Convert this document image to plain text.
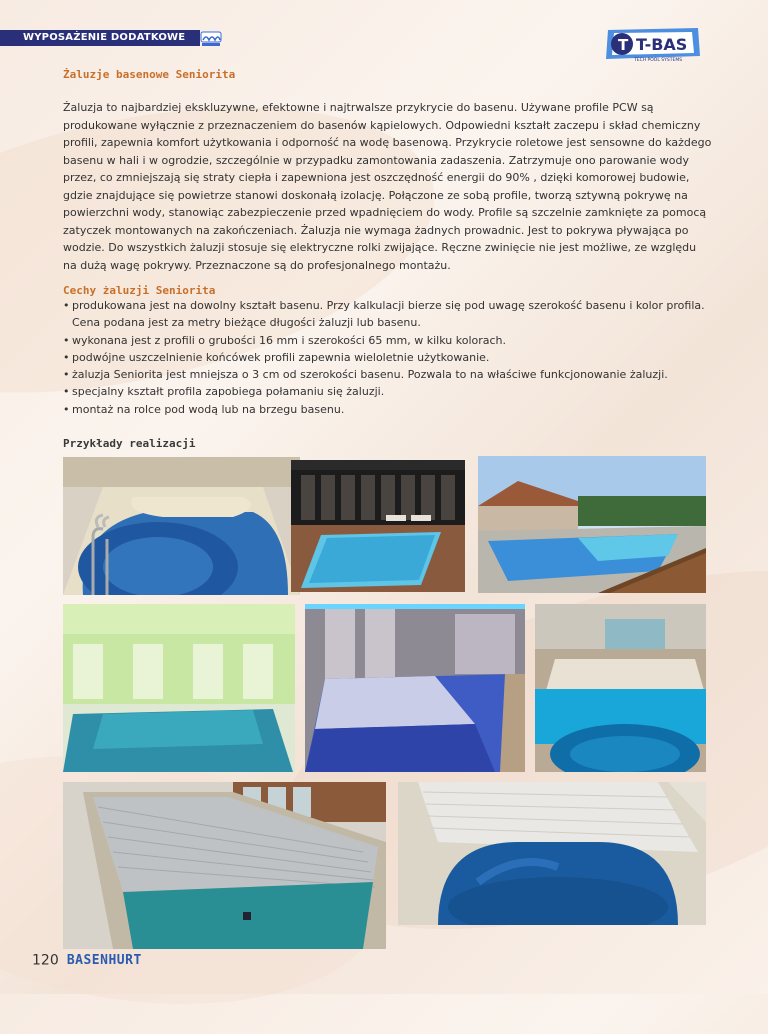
WYPOSAŻENIE DODATKOWE	T T-BAS
TECH POOL SYSTEMS

Żaluzje basenowe Seniorita

Żaluzja to najbardziej ekskluzywne, efektowne i najtrwalsze przykrycie do basenu. Używane profile PCW są
produkowane wyłącznie z przeznaczeniem do basenów kąpielowych. Odpowiedni kształt zaczepu i skład chemiczny
profili, zapewnia komfort użytkowania i odporność na wodę basenową. Przykrycie roletowe jest sensowne do każdego
basenu w hali i w ogrodzie, szczególnie w przypadku zamontowania zadaszenia. Zatrzymuje ono parowanie wody
przez, co zmniejszają się straty ciepła i zapewniona jest oszczędność energii do 90% , dzięki komorowej budowie,
gdzie znajdujące się powietrze stanowi doskonałą izolację. Połączone ze sobą profile, tworzą sztywną pokrywę na
powierzchni wody, stanowiąc zabezpieczenie przed wpadnięciem do wody. Profile są szczelnie zamknięte za pomocą
zatyczek montowanych na zakończeniach. Żaluzja nie wymaga żadnych prowadnic. Jest to pokrywa pływająca po
wodzie. Do wszystkich żaluzji stosuje się elektryczne rolki zwijające. Ręczne zwinięcie nie jest możliwe, ze względu
na dużą wagę pokrywy. Przeznaczone są do profesjonalnego montażu.

Cechy żaluzji Seniorita

• produkowana jest na dowolny kształt basenu. Przy kalkulacji bierze się pod uwagę szerokość basenu i kolor profila.
Cena podana jest za metry bieżące długości żaluzji lub basenu.
• wykonana jest z profili o grubości 16 mm i szerokości 65 mm, w kilku kolorach.
• podwójne uszczelnienie końcówek profili zapewnia wieloletnie użytkowanie.
• żaluzja Seniorita jest mniejsza o 3 cm od szerokości basenu. Pozwala to na właściwe funkcjonowanie żaluzji.
• specjalny kształt profila zapobiega połamaniu się żaluzji.
• montaż na rolce pod wodą lub na brzegu basenu.

Przykłady realizacji

120 BASENHURT
